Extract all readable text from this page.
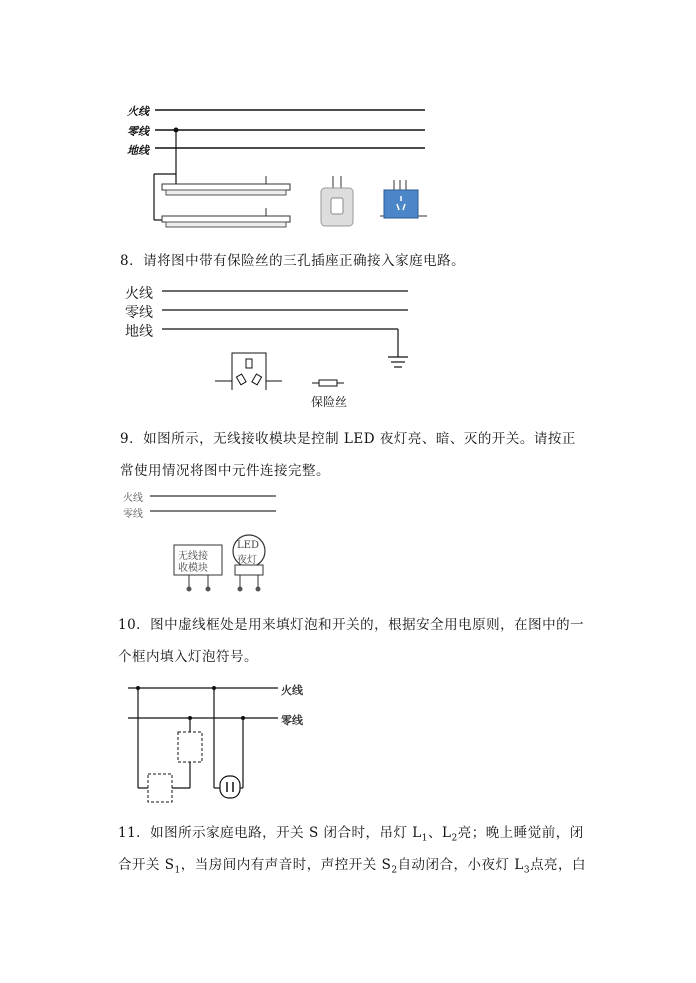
火线
零线
地线
8．请将图中带有保险丝的三孔插座正确接入家庭电路。
火线
零线
地线
保险丝
9．如图所示，无线接收模块是控制 LED 夜灯亮、暗、灭的开关。请按正
常使用情况将图中元件连接完整。
火线
零线
无线接
收模块
LED
夜灯
10．图中虚线框处是用来填灯泡和开关的，根据安全用电原则，在图中的一
个框内填入灯泡符号。
火线
零线
11．如图所示家庭电路，开关 S 闭合时，吊灯 $L_1$、$L_2$亮；晚上睡觉前，闭
合开关 $S_1$，当房间内有声音时，声控开关 $S_2$自动闭合，小夜灯 $L_3$点亮，白
